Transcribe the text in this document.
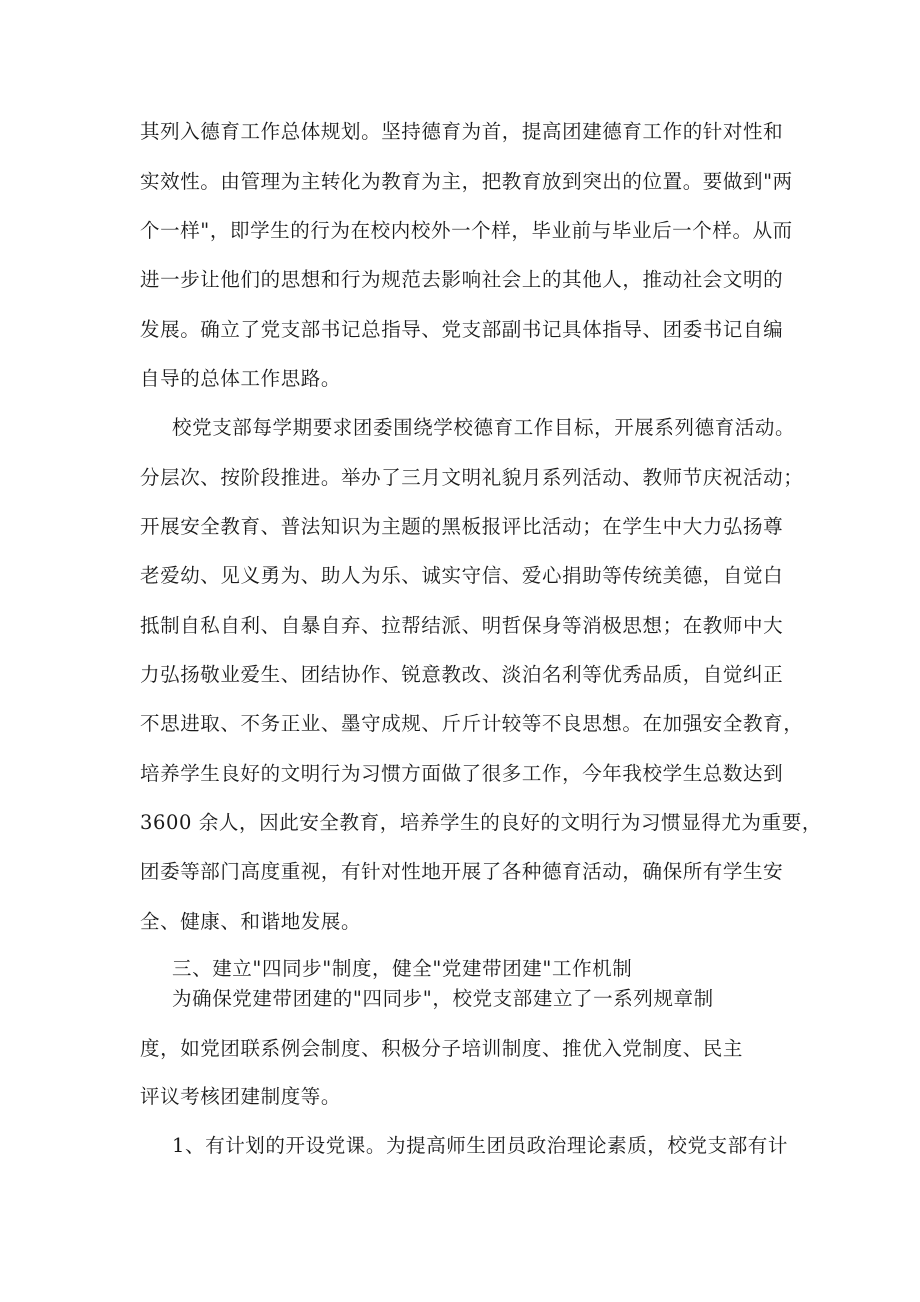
其列入德育工作总体规划。坚持德育为首，提高团建德育工作的针对性和
实效性。由管理为主转化为教育为主，把教育放到突出的位置。要做到"两
个一样"，即学生的行为在校内校外一个样，毕业前与毕业后一个样。从而
进一步让他们的思想和行为规范去影响社会上的其他人，推动社会文明的
发展。确立了党支部书记总指导、党支部副书记具体指导、团委书记自编
自导的总体工作思路。
校党支部每学期要求团委围绕学校德育工作目标，开展系列德育活动。
分层次、按阶段推进。举办了三月文明礼貌月系列活动、教师节庆祝活动；
开展安全教育、普法知识为主题的黑板报评比活动；在学生中大力弘扬尊
老爱幼、见义勇为、助人为乐、诚实守信、爱心捐助等传统美德，自觉白
抵制自私自利、自暴自弃、拉帮结派、明哲保身等消极思想；在教师中大
力弘扬敬业爱生、团结协作、锐意教改、淡泊名利等优秀品质，自觉纠正
不思进取、不务正业、墨守成规、斤斤计较等不良思想。在加强安全教育，
培养学生良好的文明行为习惯方面做了很多工作，今年我校学生总数达到
3600 余人，因此安全教育，培养学生的良好的文明行为习惯显得尤为重要，
团委等部门高度重视，有针对性地开展了各种德育活动，确保所有学生安
全、健康、和谐地发展。
三、建立"四同步"制度，健全"党建带团建"工作机制
为确保党建带团建的"四同步"，校党支部建立了一系列规章制
度，如党团联系例会制度、积极分子培训制度、推优入党制度、民主
评议考核团建制度等。
1、有计划的开设党课。为提高师生团员政治理论素质，校党支部有计
